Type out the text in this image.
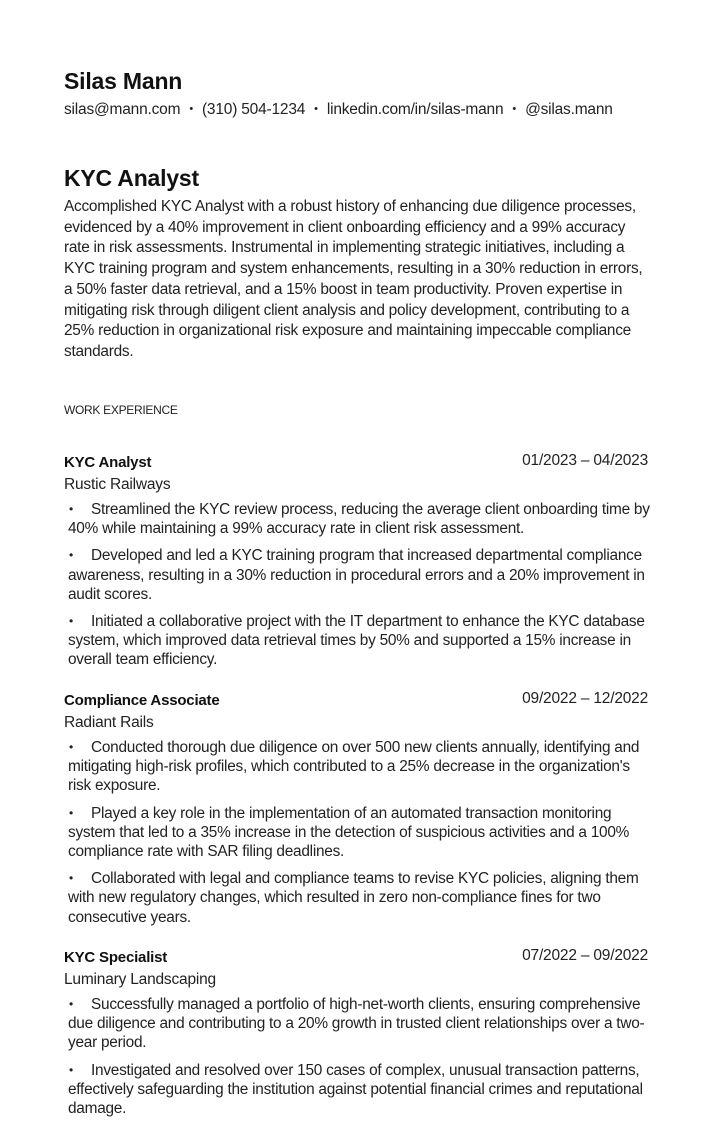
Silas Mann
silas@mann.com • (310) 504-1234 • linkedin.com/in/silas-mann • @silas.mann
KYC Analyst

Accomplished KYC Analyst with a robust history of enhancing due diligence processes, evidenced by a 40% improvement in client onboarding efficiency and a 99% accuracy rate in risk assessments. Instrumental in implementing strategic initiatives, including a KYC training program and system enhancements, resulting in a 30% reduction in errors, a 50% faster data retrieval, and a 15% boost in team productivity. Proven expertise in mitigating risk through diligent client analysis and policy development, contributing to a 25% reduction in organizational risk exposure and maintaining impeccable compliance standards.

WORK EXPERIENCE
KYC Analyst	01/2023 – 04/2023
Rustic Railways
• Streamlined the KYC review process, reducing the average client onboarding time by 40% while maintaining a 99% accuracy rate in client risk assessment.
• Developed and led a KYC training program that increased departmental compliance awareness, resulting in a 30% reduction in procedural errors and a 20% improvement in audit scores.
• Initiated a collaborative project with the IT department to enhance the KYC database system, which improved data retrieval times by 50% and supported a 15% increase in overall team efficiency.
Compliance Associate	09/2022 – 12/2022
Radiant Rails
• Conducted thorough due diligence on over 500 new clients annually, identifying and mitigating high-risk profiles, which contributed to a 25% decrease in the organization's risk exposure.
• Played a key role in the implementation of an automated transaction monitoring system that led to a 35% increase in the detection of suspicious activities and a 100% compliance rate with SAR filing deadlines.
• Collaborated with legal and compliance teams to revise KYC policies, aligning them with new regulatory changes, which resulted in zero non-compliance fines for two consecutive years.
KYC Specialist	07/2022 – 09/2022
Luminary Landscaping
• Successfully managed a portfolio of high-net-worth clients, ensuring comprehensive due diligence and contributing to a 20% growth in trusted client relationships over a two-year period.
• Investigated and resolved over 150 cases of complex, unusual transaction patterns, effectively safeguarding the institution against potential financial crimes and reputational damage.
